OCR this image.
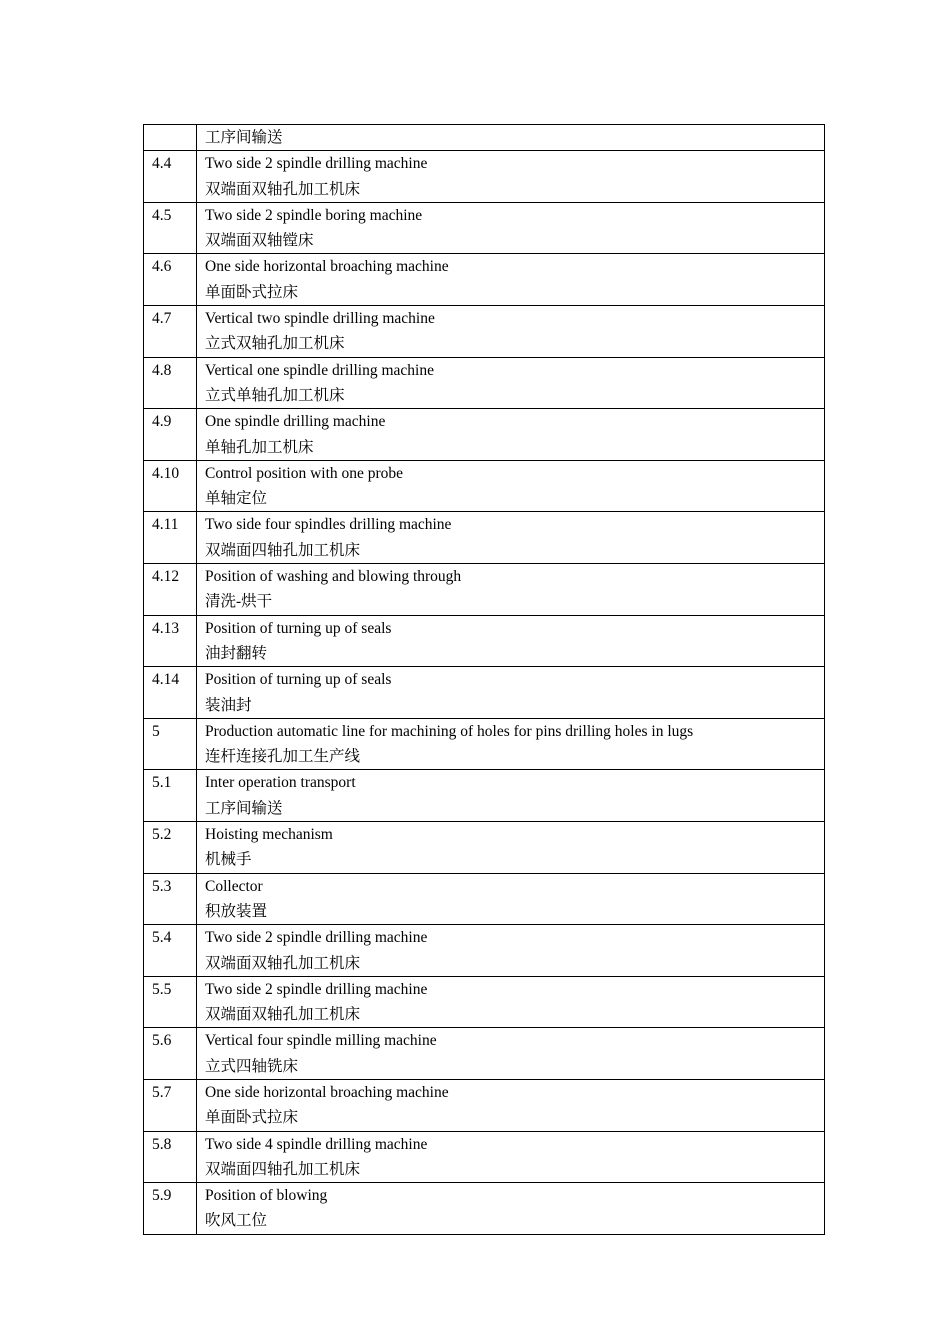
	工序间输送

4.4	Two side 2 spindle drilling machine
双端面双轴孔加工机床

4.5	Two side 2 spindle boring machine
双端面双轴镗床

4.6	One side horizontal broaching machine
单面卧式拉床

4.7	Vertical two spindle drilling machine
立式双轴孔加工机床

4.8	Vertical one spindle drilling machine
立式单轴孔加工机床

4.9	One spindle drilling machine
单轴孔加工机床

4.10	Control position with one probe
单轴定位

4.11	Two side four spindles drilling machine
双端面四轴孔加工机床

4.12	Position of washing and blowing through
清洗-烘干

4.13	Position of turning up of seals
油封翻转

4.14	Position of turning up of seals
装油封

5	Production automatic line for machining of holes for pins drilling holes in lugs
连杆连接孔加工生产线

5.1	Inter operation transport
工序间输送

5.2	Hoisting mechanism
机械手

5.3	Collector
积放装置

5.4	Two side 2 spindle drilling machine
双端面双轴孔加工机床

5.5	Two side 2 spindle drilling machine
双端面双轴孔加工机床

5.6	Vertical four spindle milling machine
立式四轴铣床

5.7	One side horizontal broaching machine
单面卧式拉床

5.8	Two side 4 spindle drilling machine
双端面四轴孔加工机床

5.9	Position of blowing
吹风工位
